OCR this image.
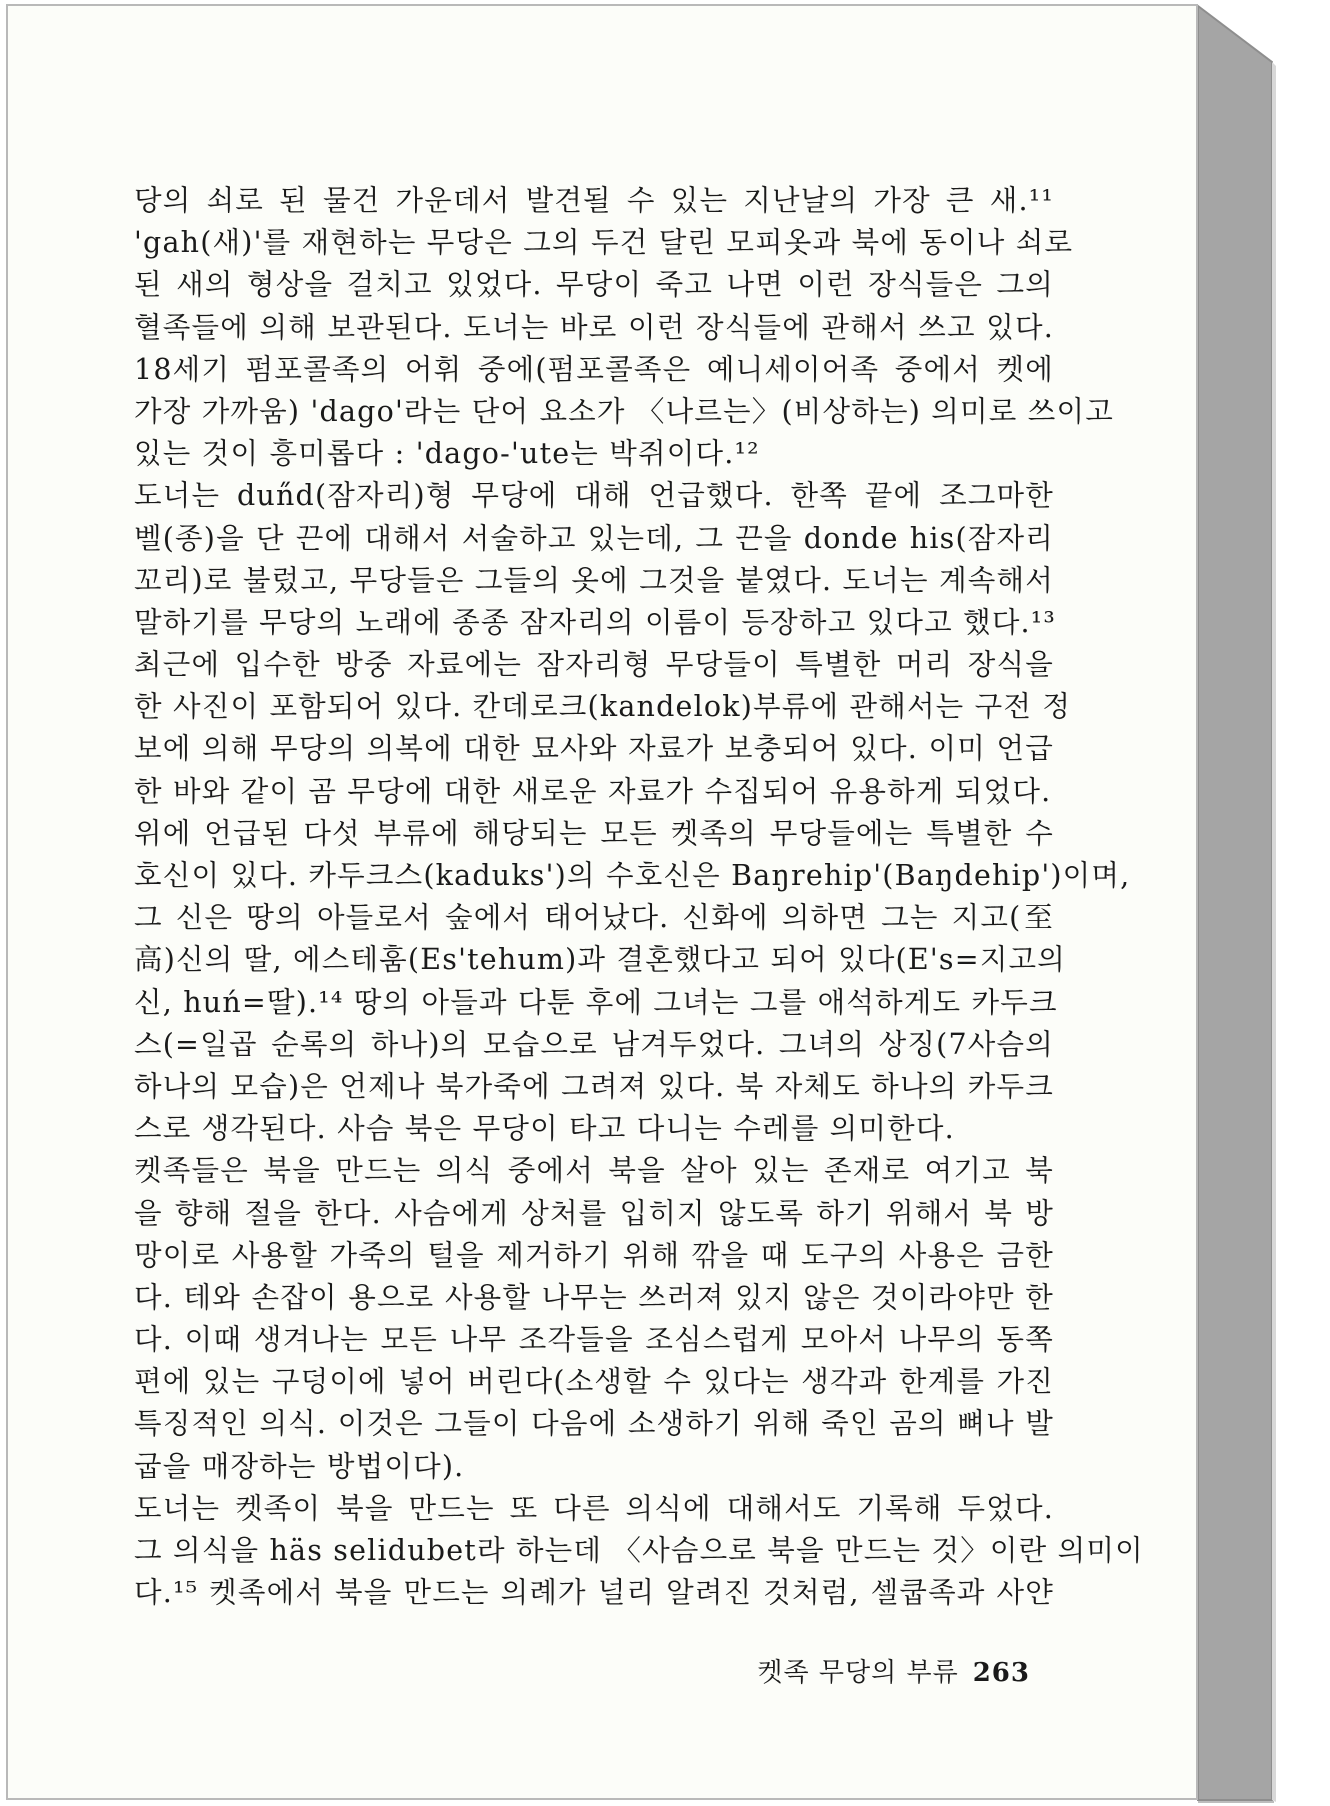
당의 쇠로 된 물건 가운데서 발견될 수 있는 지난날의 가장 큰 새.¹¹
'gah(새)'를 재현하는 무당은 그의 두건 달린 모피옷과 북에 동이나 쇠로
된 새의 형상을 걸치고 있었다. 무당이 죽고 나면 이런 장식들은 그의
혈족들에 의해 보관된다. 도너는 바로 이런 장식들에 관해서 쓰고 있다.
18세기 펌포콜족의 어휘 중에(펌포콜족은 예니세이어족 중에서 켓에
가장 가까움) 'dago'라는 단어 요소가 〈나르는〉(비상하는) 의미로 쓰이고
있는 것이 흥미롭다 : 'dago-'ute는 박쥐이다.¹²
도너는 dun̋d(잠자리)형 무당에 대해 언급했다. 한쪽 끝에 조그마한
벨(종)을 단 끈에 대해서 서술하고 있는데, 그 끈을 donde his(잠자리
꼬리)로 불렀고, 무당들은 그들의 옷에 그것을 붙였다. 도너는 계속해서
말하기를 무당의 노래에 종종 잠자리의 이름이 등장하고 있다고 했다.¹³
최근에 입수한 방중 자료에는 잠자리형 무당들이 특별한 머리 장식을
한 사진이 포함되어 있다. 칸데로크(kandelok)부류에 관해서는 구전 정
보에 의해 무당의 의복에 대한 묘사와 자료가 보충되어 있다. 이미 언급
한 바와 같이 곰 무당에 대한 새로운 자료가 수집되어 유용하게 되었다.
위에 언급된 다섯 부류에 해당되는 모든 켓족의 무당들에는 특별한 수
호신이 있다. 카두크스(kaduks')의 수호신은 Baŋrehip'(Baŋdehip')이며,
그 신은 땅의 아들로서 숲에서 태어났다. 신화에 의하면 그는 지고(至
高)신의 딸, 에스테훔(Es'tehum)과 결혼했다고 되어 있다(E's=지고의
신, huń=딸).¹⁴ 땅의 아들과 다툰 후에 그녀는 그를 애석하게도 카두크
스(=일곱 순록의 하나)의 모습으로 남겨두었다. 그녀의 상징(7사슴의
하나의 모습)은 언제나 북가죽에 그려져 있다. 북 자체도 하나의 카두크
스로 생각된다. 사슴 북은 무당이 타고 다니는 수레를 의미한다.
켓족들은 북을 만드는 의식 중에서 북을 살아 있는 존재로 여기고 북
을 향해 절을 한다. 사슴에게 상처를 입히지 않도록 하기 위해서 북 방
망이로 사용할 가죽의 털을 제거하기 위해 깎을 때 도구의 사용은 금한
다. 테와 손잡이 용으로 사용할 나무는 쓰러져 있지 않은 것이라야만 한
다. 이때 생겨나는 모든 나무 조각들을 조심스럽게 모아서 나무의 동쪽
편에 있는 구덩이에 넣어 버린다(소생할 수 있다는 생각과 한계를 가진
특징적인 의식. 이것은 그들이 다음에 소생하기 위해 죽인 곰의 뼈나 발
굽을 매장하는 방법이다).
도너는 켓족이 북을 만드는 또 다른 의식에 대해서도 기록해 두었다.
그 의식을 häs selidubet라 하는데 〈사슴으로 북을 만드는 것〉이란 의미이
다.¹⁵ 켓족에서 북을 만드는 의례가 널리 알려진 것처럼, 셀쿱족과 사얀
켓족 무당의 부류 263
